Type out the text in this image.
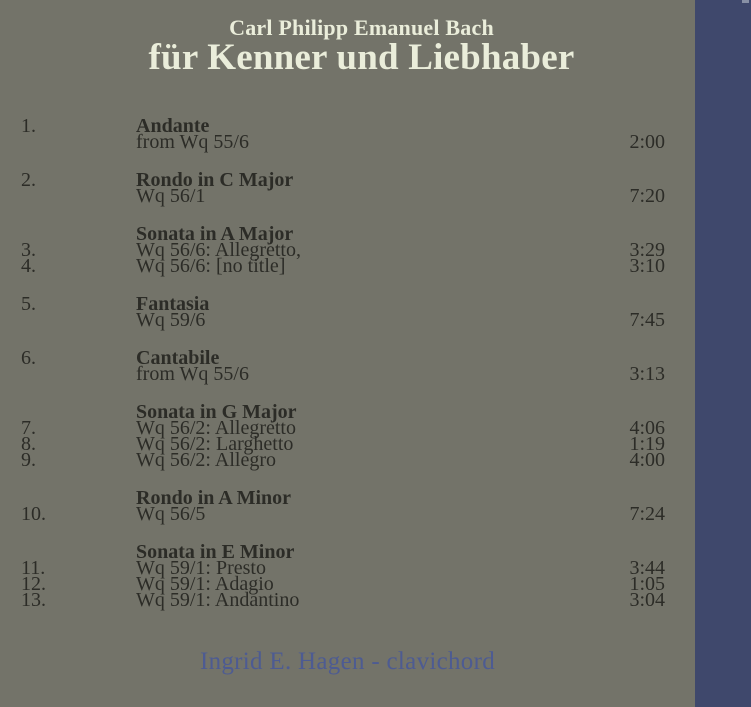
Carl Philipp Emanuel Bach
für Kenner und Liebhaber
1.	Andante
from Wq 55/6	2:00
2.	Rondo in C Major
Wq 56/1	7:20
Sonata in A Major
3.	Wq 56/6: Allegretto,	3:29
4.	Wq 56/6: [no title]	3:10
5.	Fantasia
Wq 59/6	7:45
6.	Cantabile
from Wq 55/6	3:13
Sonata in G Major
7.	Wq 56/2: Allegretto	4:06
8.	Wq 56/2: Larghetto	1:19
9.	Wq 56/2: Allegro	4:00
Rondo in A Minor
10.	Wq 56/5	7:24
Sonata in E Minor
11.	Wq 59/1: Presto	3:44
12.	Wq 59/1: Adagio	1:05
13.	Wq 59/1: Andantino	3:04
Ingrid E. Hagen - clavichord
